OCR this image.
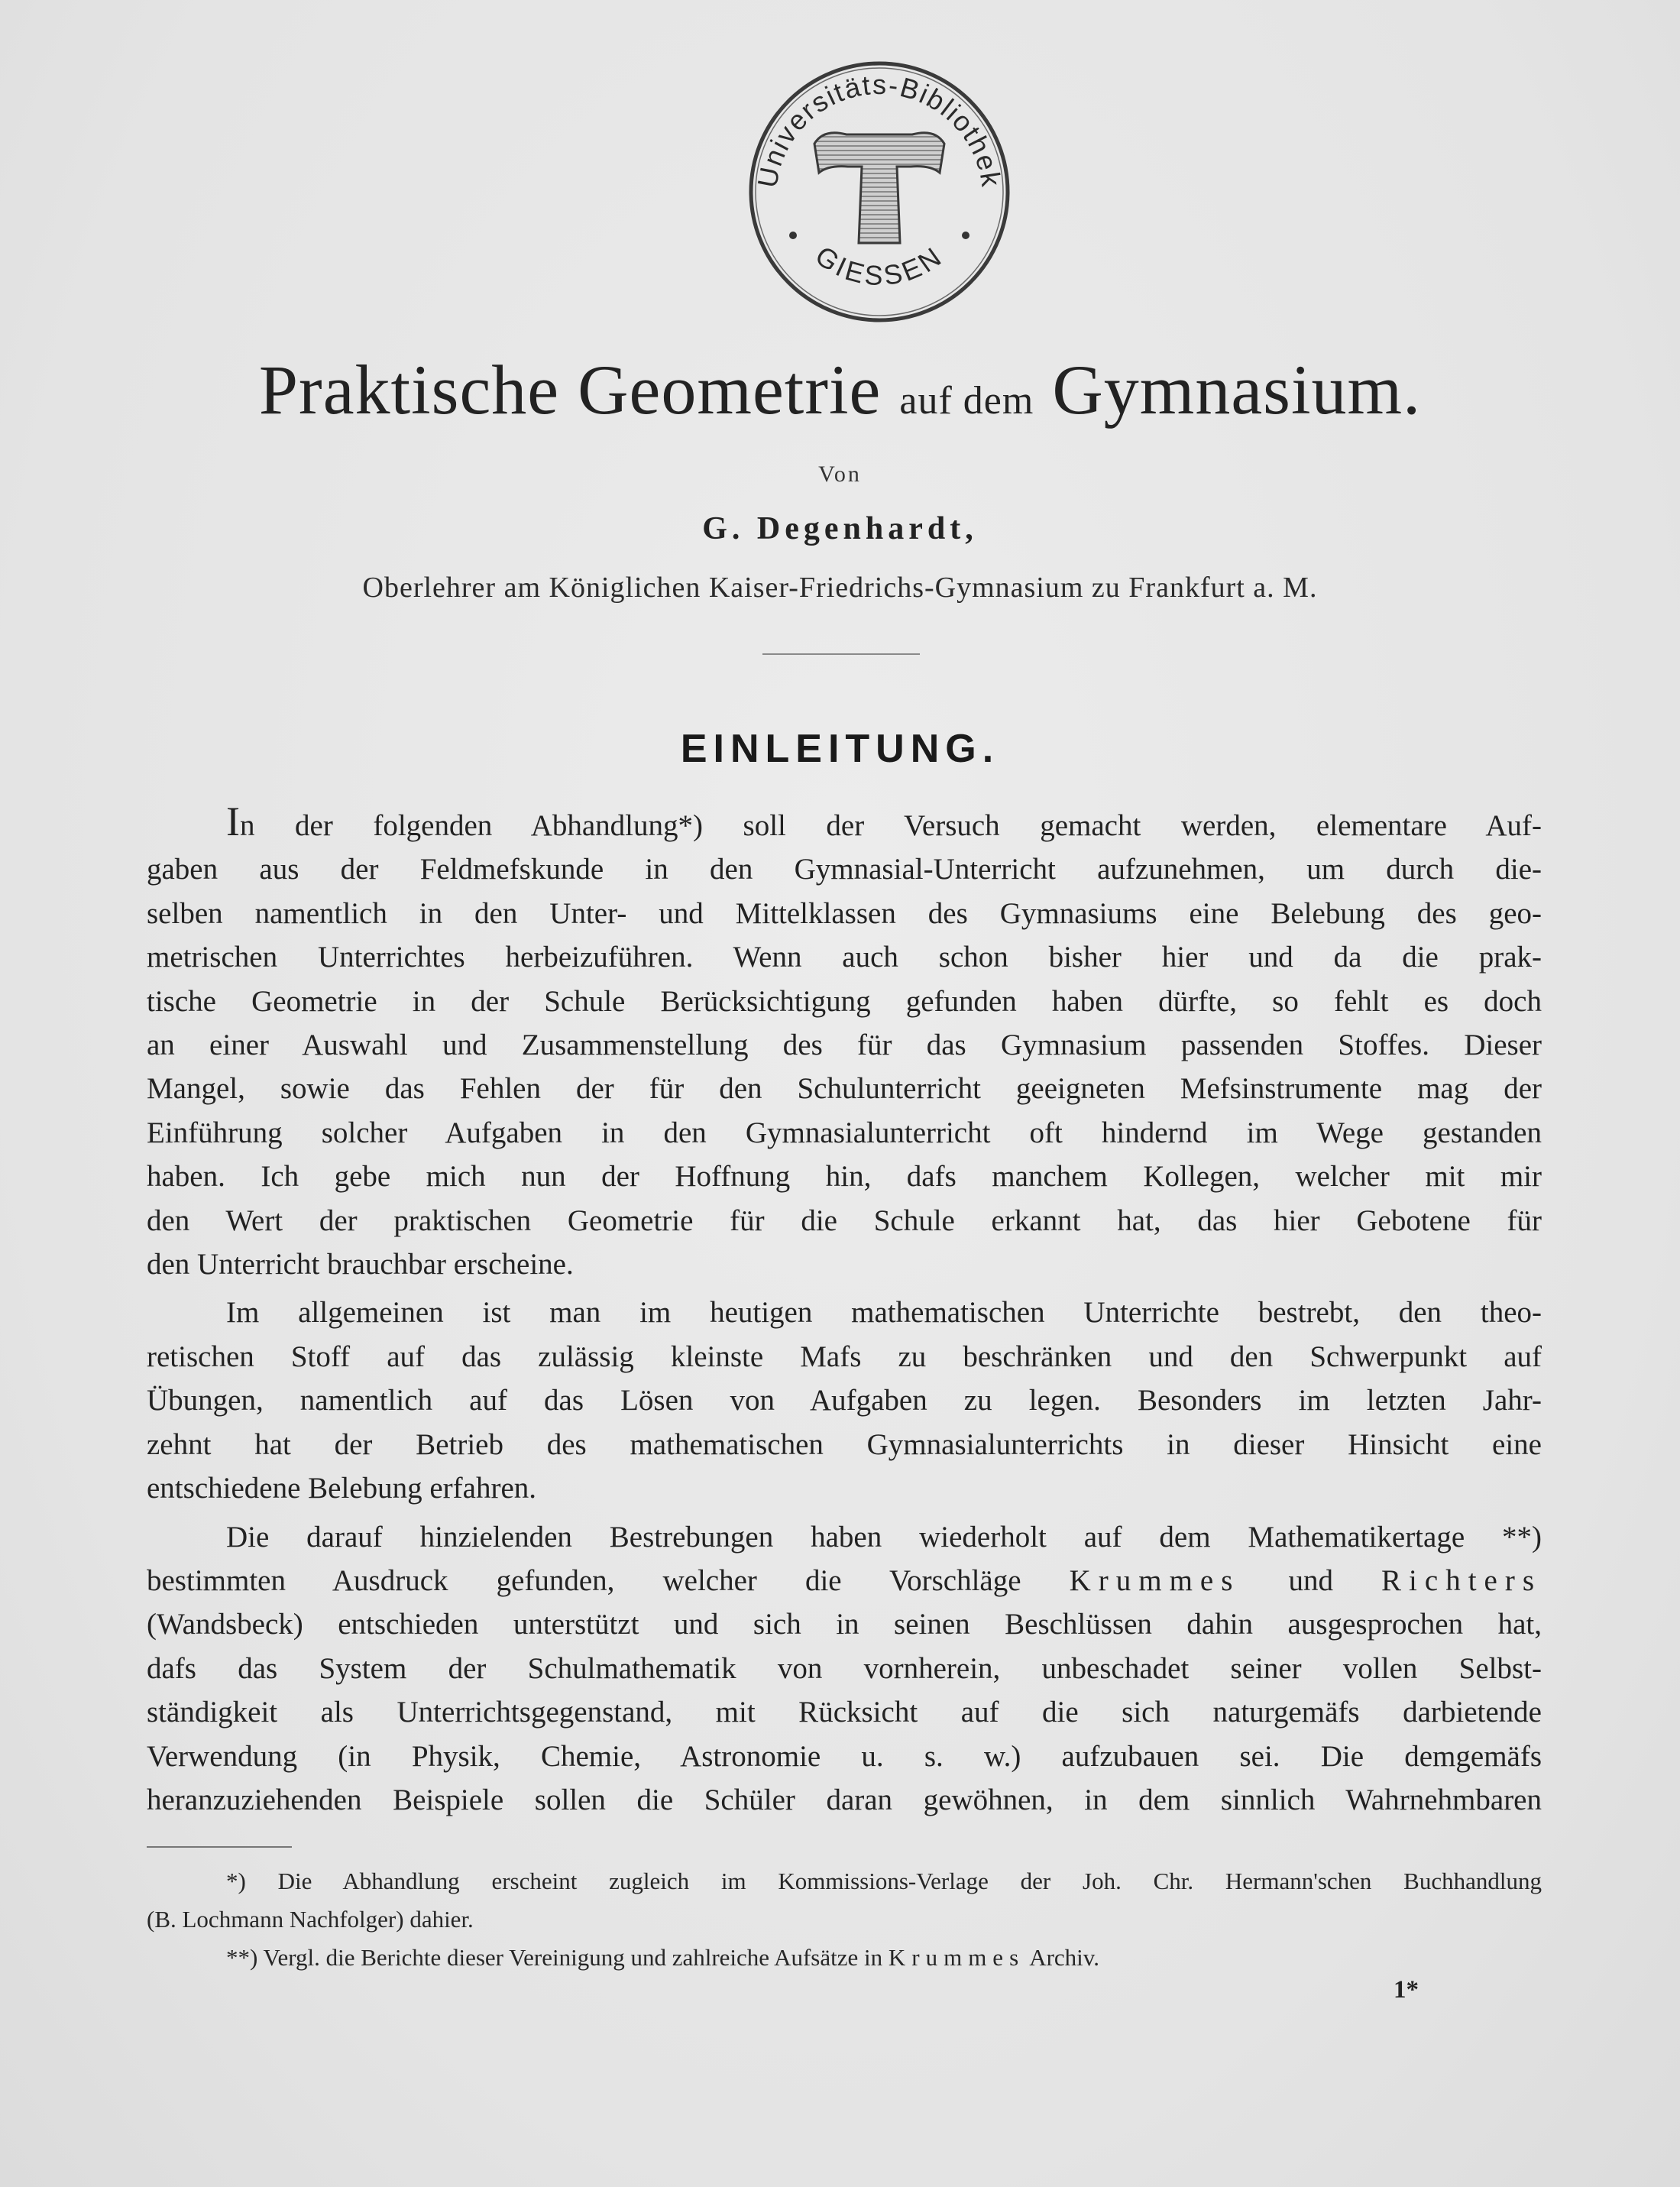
Universitäts-Bibliothek
GIESSEN
Praktische Geometrie auf dem Gymnasium.
Von
G. Degenhardt,
Oberlehrer am Königlichen Kaiser-Friedrichs-Gymnasium zu Frankfurt a. M.
EINLEITUNG.
In der folgenden Abhandlung*) soll der Versuch gemacht werden, elementare Auf-
gaben aus der Feldmefskunde in den Gymnasial-Unterricht aufzunehmen, um durch die-
selben namentlich in den Unter- und Mittelklassen des Gymnasiums eine Belebung des geo-
metrischen Unterrichtes herbeizuführen. Wenn auch schon bisher hier und da die prak-
tische Geometrie in der Schule Berücksichtigung gefunden haben dürfte, so fehlt es doch
an einer Auswahl und Zusammenstellung des für das Gymnasium passenden Stoffes. Dieser
Mangel, sowie das Fehlen der für den Schulunterricht geeigneten Mefsinstrumente mag der
Einführung solcher Aufgaben in den Gymnasialunterricht oft hindernd im Wege gestanden
haben. Ich gebe mich nun der Hoffnung hin, dafs manchem Kollegen, welcher mit mir
den Wert der praktischen Geometrie für die Schule erkannt hat, das hier Gebotene für
den Unterricht brauchbar erscheine.
Im allgemeinen ist man im heutigen mathematischen Unterrichte bestrebt, den theo-
retischen Stoff auf das zulässig kleinste Mafs zu beschränken und den Schwerpunkt auf
Übungen, namentlich auf das Lösen von Aufgaben zu legen. Besonders im letzten Jahr-
zehnt hat der Betrieb des mathematischen Gymnasialunterrichts in dieser Hinsicht eine
entschiedene Belebung erfahren.
Die darauf hinzielenden Bestrebungen haben wiederholt auf dem Mathematikertage **)
bestimmten Ausdruck gefunden, welcher die Vorschläge Krummes und Richters
(Wandsbeck) entschieden unterstützt und sich in seinen Beschlüssen dahin ausgesprochen hat,
dafs das System der Schulmathematik von vornherein, unbeschadet seiner vollen Selbst-
ständigkeit als Unterrichtsgegenstand, mit Rücksicht auf die sich naturgemäfs darbietende
Verwendung (in Physik, Chemie, Astronomie u. s. w.) aufzubauen sei. Die demgemäfs
heranzuziehenden Beispiele sollen die Schüler daran gewöhnen, in dem sinnlich Wahrnehmbaren
*) Die Abhandlung erscheint zugleich im Kommissions-Verlage der Joh. Chr. Hermann'schen Buchhandlung
(B. Lochmann Nachfolger) dahier.
**) Vergl. die Berichte dieser Vereinigung und zahlreiche Aufsätze in Krummes Archiv.
1*
